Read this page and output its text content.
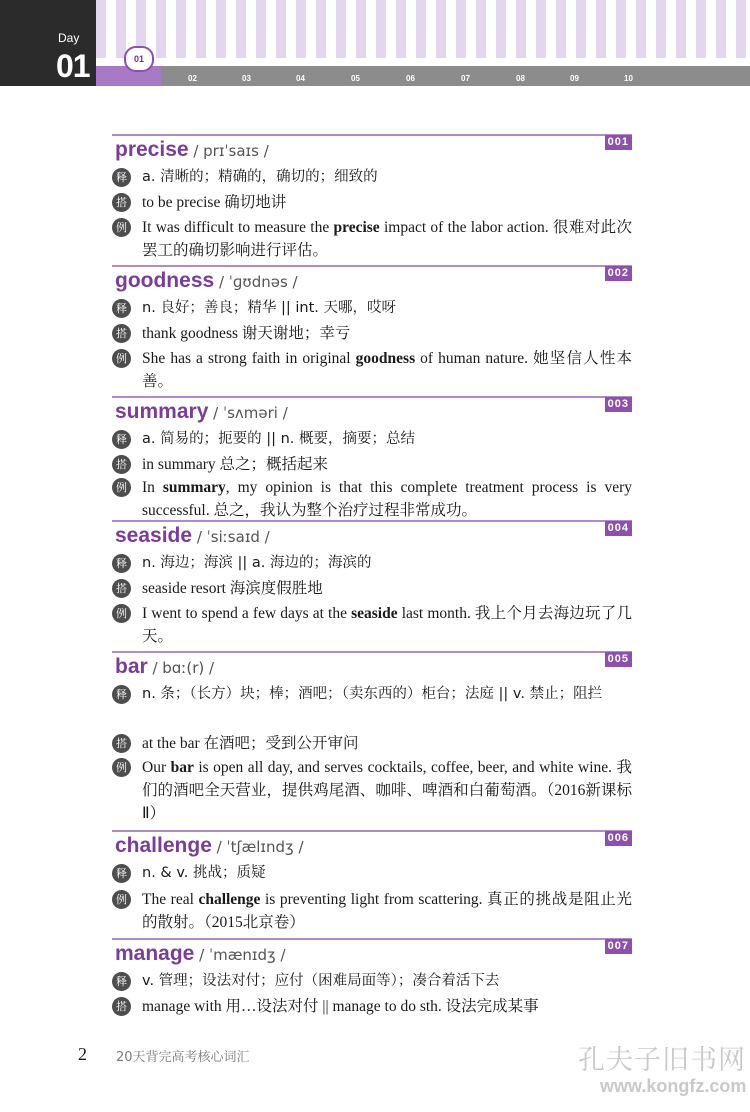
Day
01	02	03	04	05	06	07	08	09	10
01
001
precise / prɪˈsaɪs /
释 a. 清晰的；精确的，确切的；细致的
搭 to be precise 确切地讲
例 It was difficult to measure the precise impact of the labor action. 很难对此次罢工的确切影响进行评估。
002
goodness / ˈɡʊdnəs /
释 n. 良好；善良；精华 || int. 天哪，哎呀
搭 thank goodness 谢天谢地；幸亏
例 She has a strong faith in original goodness of human nature. 她坚信人性本善。
003
summary / ˈsʌməri /
释 a. 简易的；扼要的 || n. 概要，摘要；总结
搭 in summary 总之；概括起来
例 In summary, my opinion is that this complete treatment process is very successful. 总之，我认为整个治疗过程非常成功。
004
seaside / ˈsiːsaɪd /
释 n. 海边；海滨 || a. 海边的；海滨的
搭 seaside resort 海滨度假胜地
例 I went to spend a few days at the seaside last month. 我上个月去海边玩了几天。
005
bar / bɑː(r) /
释 n. 条；（长方）块；棒；酒吧；（卖东西的）柜台；法庭 || v. 禁止；阻拦
搭 at the bar 在酒吧；受到公开审问
例 Our bar is open all day, and serves cocktails, coffee, beer, and white wine. 我们的酒吧全天营业，提供鸡尾酒、咖啡、啤酒和白葡萄酒。（2016新课标Ⅱ）
006
challenge / ˈtʃælɪndʒ /
释 n. & v. 挑战；质疑
例 The real challenge is preventing light from scattering. 真正的挑战是阻止光的散射。（2015北京卷）
007
manage / ˈmænɪdʒ /
释 v. 管理；设法对付；应付（困难局面等）；凑合着活下去
搭 manage with 用…设法对付 || manage to do sth. 设法完成某事
2 20天背完高考核心词汇	孔夫子旧书网
www.kongfz.com
